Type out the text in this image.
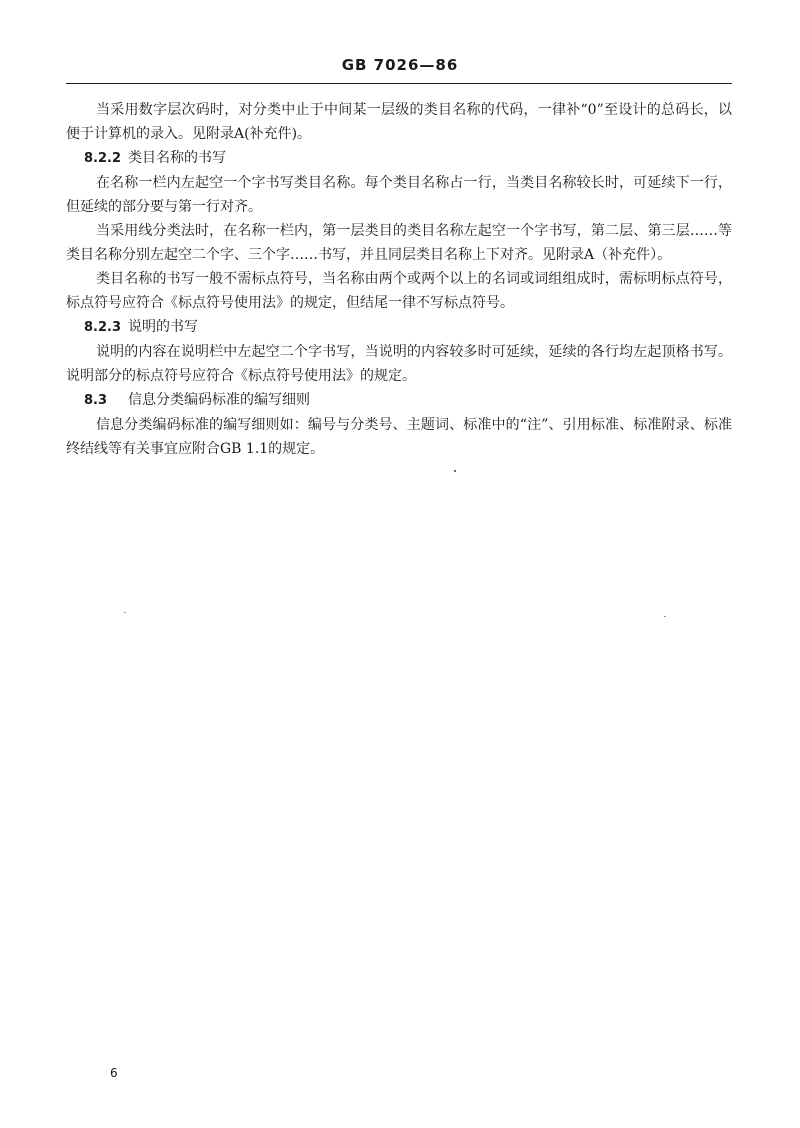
GB 7026—86

当采用数字层次码时，对分类中止于中间某一层级的类目名称的代码，一律补“0”至设计的总码长，以便于计算机的录入。见附录A(补充件)。

8.2.2 类目名称的书写

在名称一栏内左起空一个字书写类目名称。每个类目名称占一行，当类目名称较长时，可延续下一行，但延续的部分要与第一行对齐。

当采用线分类法时，在名称一栏内，第一层类目的类目名称左起空一个字书写，第二层、第三层……等类目名称分别左起空二个字、三个字……书写，并且同层类目名称上下对齐。见附录A（补充件）。

类目名称的书写一般不需标点符号，当名称由两个或两个以上的名词或词组组成时，需标明标点符号，标点符号应符合《标点符号使用法》的规定，但结尾一律不写标点符号。

8.2.3 说明的书写

说明的内容在说明栏中左起空二个字书写，当说明的内容较多时可延续，延续的各行均左起顶格书写。说明部分的标点符号应符合《标点符号使用法》的规定。

8.3 信息分类编码标准的编写细则

信息分类编码标准的编写细则如：编号与分类号、主题词、标准中的“注”、引用标准、标准附录、标准终结线等有关事宜应附合GB 1.1的规定。

6
